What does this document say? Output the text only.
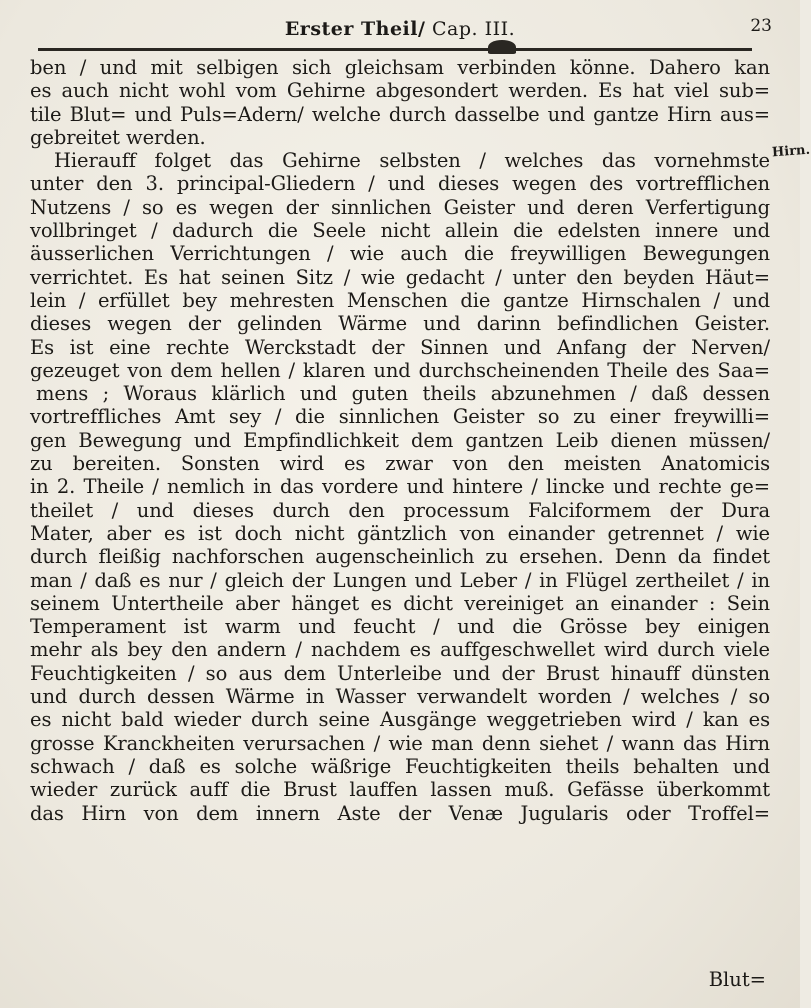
Erster Theil/ Cap. III.	23
Hirn.
ben / und mit selbigen sich gleichsam verbinden könne. Dahero kan
es auch nicht wohl vom Gehirne abgesondert werden. Es hat viel sub=
tile Blut= und Puls=Adern/ welche durch dasselbe und gantze Hirn aus=
gebreitet werden.
Hierauff folget das Gehirne selbsten / welches das vornehmste
unter den 3. principal-Gliedern / und dieses wegen des vortrefflichen
Nutzens / so es wegen der sinnlichen Geister und deren Verfertigung
vollbringet / dadurch die Seele nicht allein die edelsten innere und
äusserlichen Verrichtungen / wie auch die freywilligen Bewegungen
verrichtet. Es hat seinen Sitz / wie gedacht / unter den beyden Häut=
lein / erfüllet bey mehresten Menschen die gantze Hirnschalen / und
dieses wegen der gelinden Wärme und darinn befindlichen Geister.
Es ist eine rechte Werckstadt der Sinnen und Anfang der Nerven/
gezeuget von dem hellen / klaren und durchscheinenden Theile des Saa=
mens ; Woraus klärlich und guten theils abzunehmen / daß dessen
vortreffliches Amt sey / die sinnlichen Geister so zu einer freywilli=
gen Bewegung und Empfindlichkeit dem gantzen Leib dienen müssen/
zu bereiten. Sonsten wird es zwar von den meisten Anatomicis
in 2. Theile / nemlich in das vordere und hintere / lincke und rechte ge=
theilet / und dieses durch den processum Falciformem der Dura
Mater, aber es ist doch nicht gäntzlich von einander getrennet / wie
durch fleißig nachforschen augenscheinlich zu ersehen. Denn da findet
man / daß es nur / gleich der Lungen und Leber / in Flügel zertheilet / in
seinem Untertheile aber hänget es dicht vereiniget an einander : Sein
Temperament ist warm und feucht / und die Grösse bey einigen
mehr als bey den andern / nachdem es auffgeschwellet wird durch viele
Feuchtigkeiten / so aus dem Unterleibe und der Brust hinauff dünsten
und durch dessen Wärme in Wasser verwandelt worden / welches / so
es nicht bald wieder durch seine Ausgänge weggetrieben wird / kan es
grosse Kranckheiten verursachen / wie man denn siehet / wann das Hirn
schwach / daß es solche wäßrige Feuchtigkeiten theils behalten und
wieder zurück auff die Brust lauffen lassen muß. Gefässe überkommt
das Hirn von dem innern Aste der Venæ Jugularis oder Troffel=
Blut=
